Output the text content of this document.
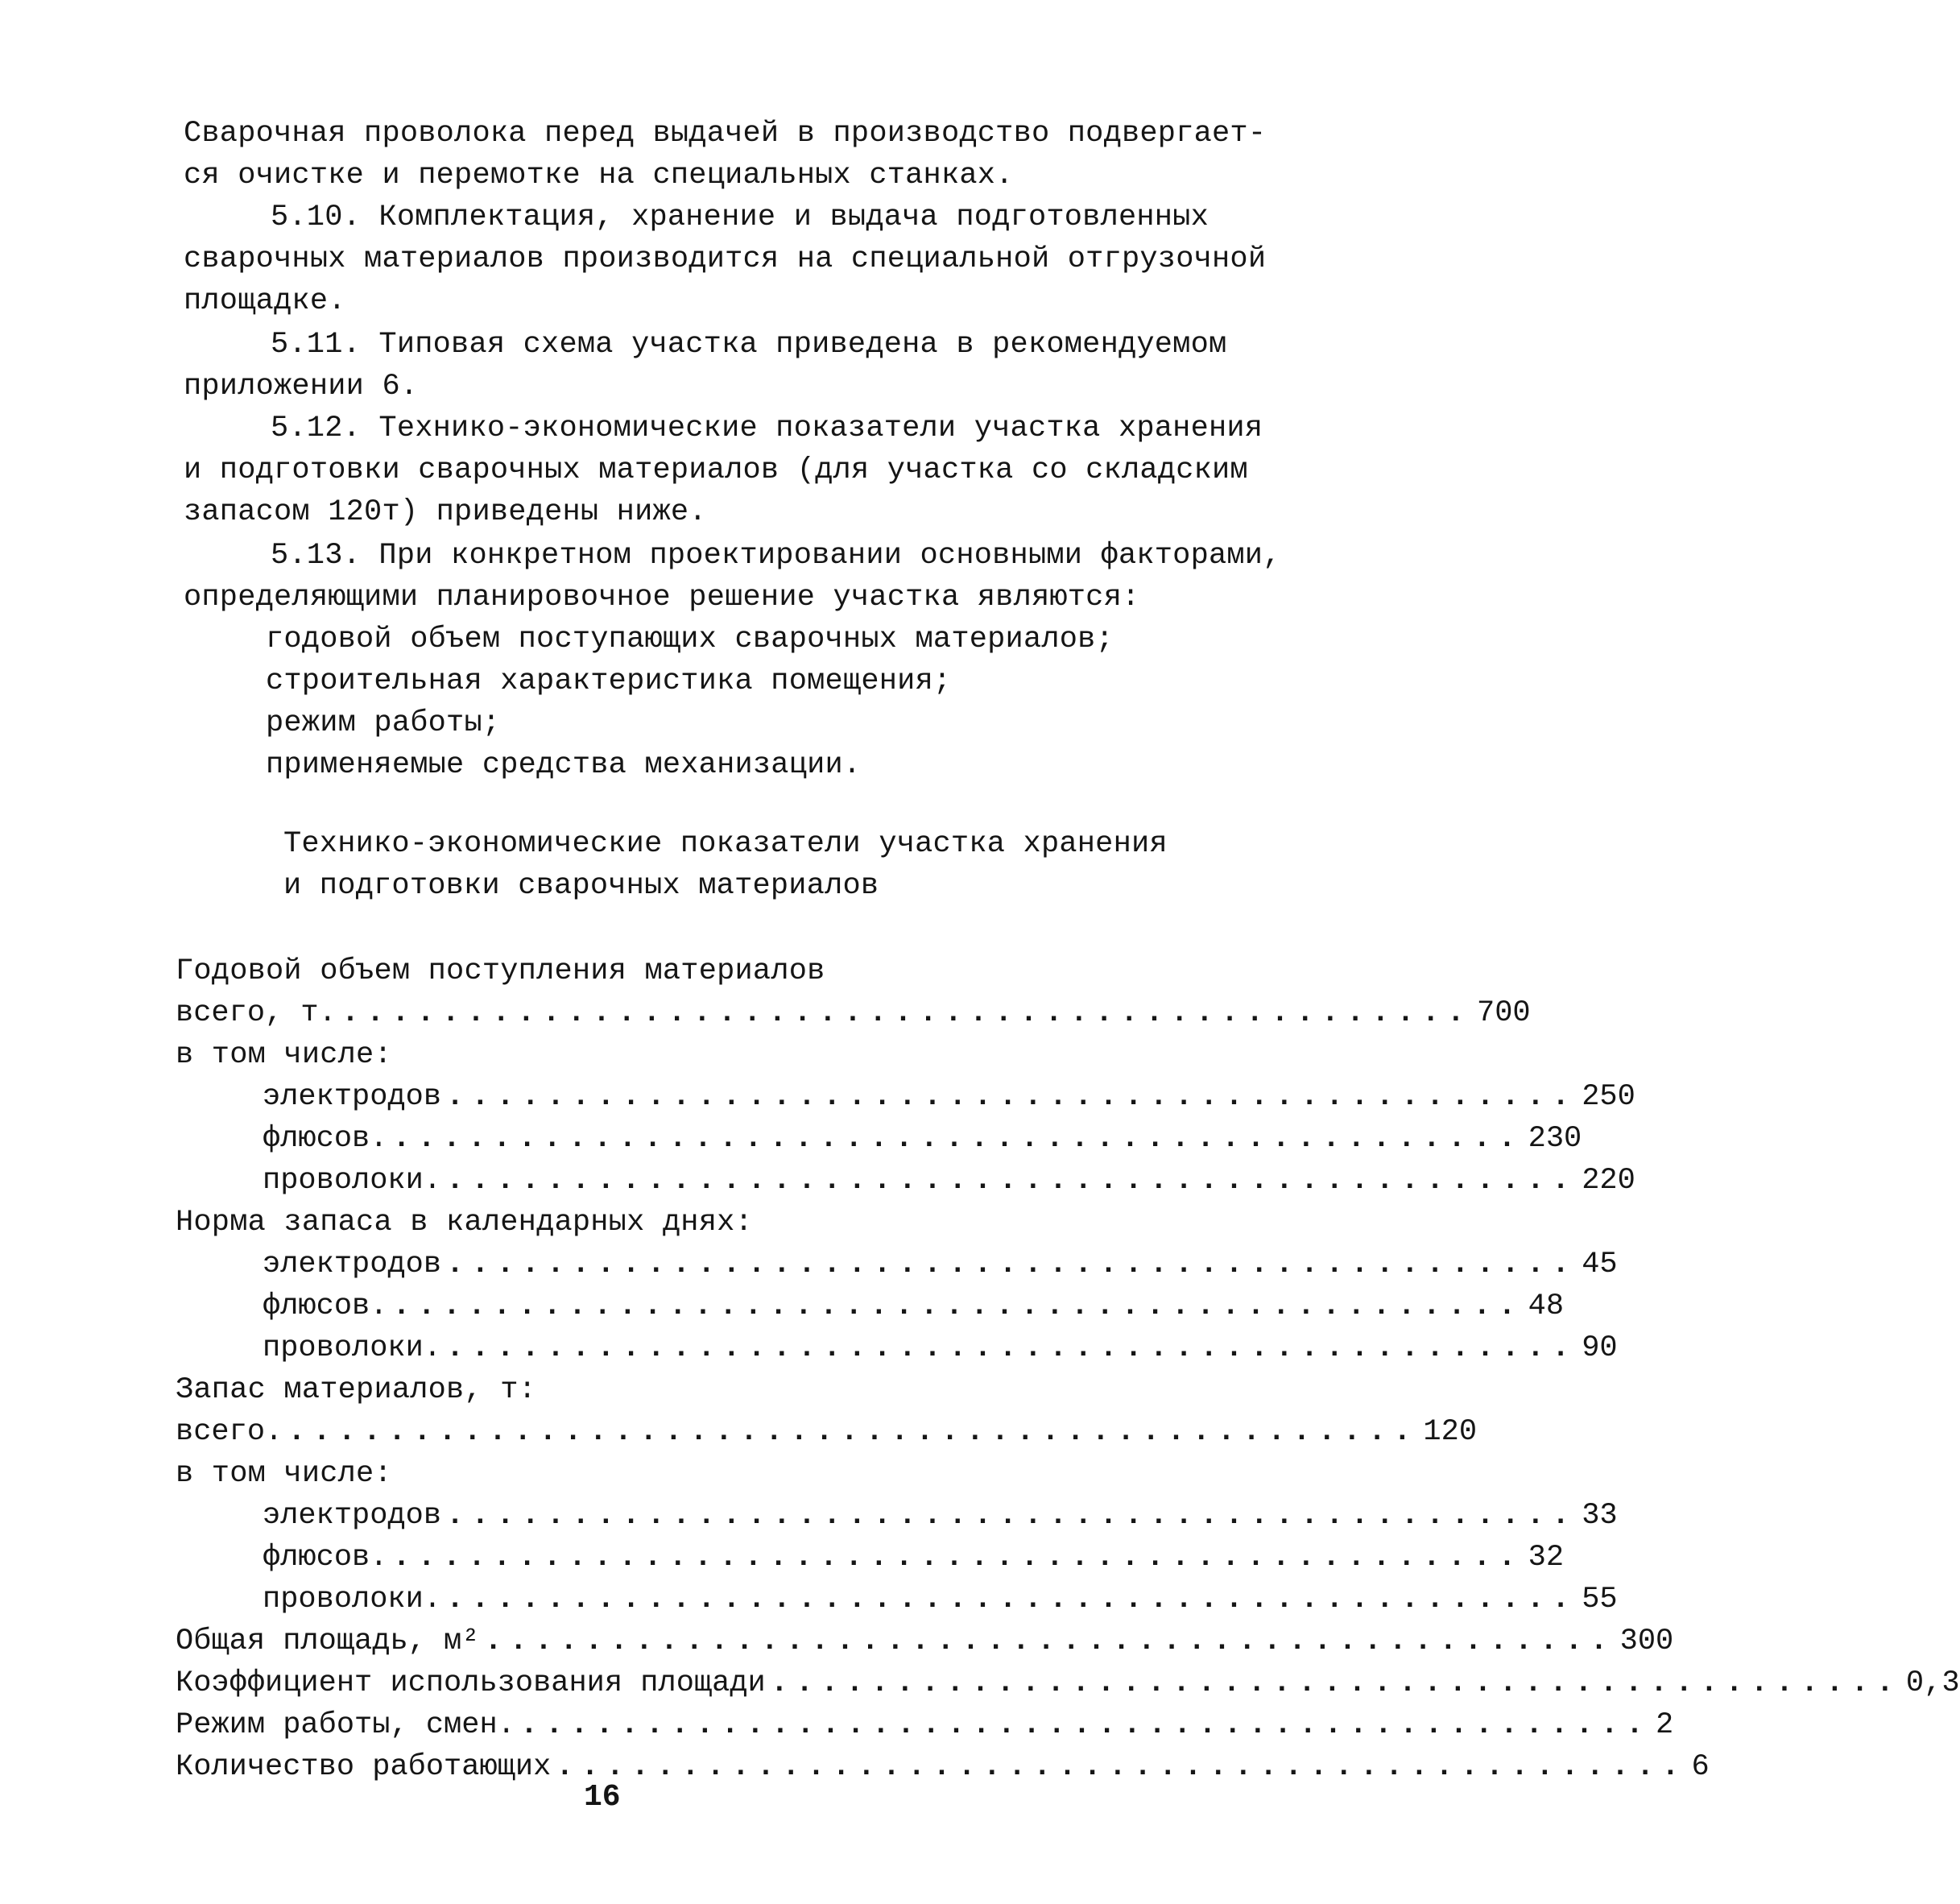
Сварочная проволока перед выдачей в производство подвергает-
ся очистке и перемотке на специальных станках.
5.10. Комплектация, хранение и выдача подготовленных
сварочных материалов производится на специальной отгрузочной
площадке.
5.11. Типовая схема участка приведена в рекомендуемом
приложении 6.
5.12. Технико-экономические показатели участка хранения
и подготовки сварочных материалов (для участка со складским
запасом 120т) приведены ниже.
5.13. При конкретном проектировании основными факторами,
определяющими планировочное решение участка являются:
годовой объем поступающих сварочных материалов;
строительная характеристика помещения;
режим работы;
применяемые средства механизации.
Технико-экономические показатели участка хранения
и подготовки сварочных материалов
Годовой объем поступления материалов
всего, т. ............................................. 700
в том числе:
электродов ............................................. 250
флюсов. ............................................. 230
проволоки. ............................................. 220
Норма запаса в календарных днях:
электродов ............................................. 45
флюсов. ............................................. 48
проволоки. ............................................. 90
Запас материалов, т:
всего. ............................................. 120
в том числе:
электродов ............................................. 33
флюсов. ............................................. 32
проволоки. ............................................. 55
Общая площадь, м² ............................................. 300
Коэффициент использования площади ............................................. 0,3
Режим работы, смен. ............................................. 2
Количество работающих ............................................. 6
16
